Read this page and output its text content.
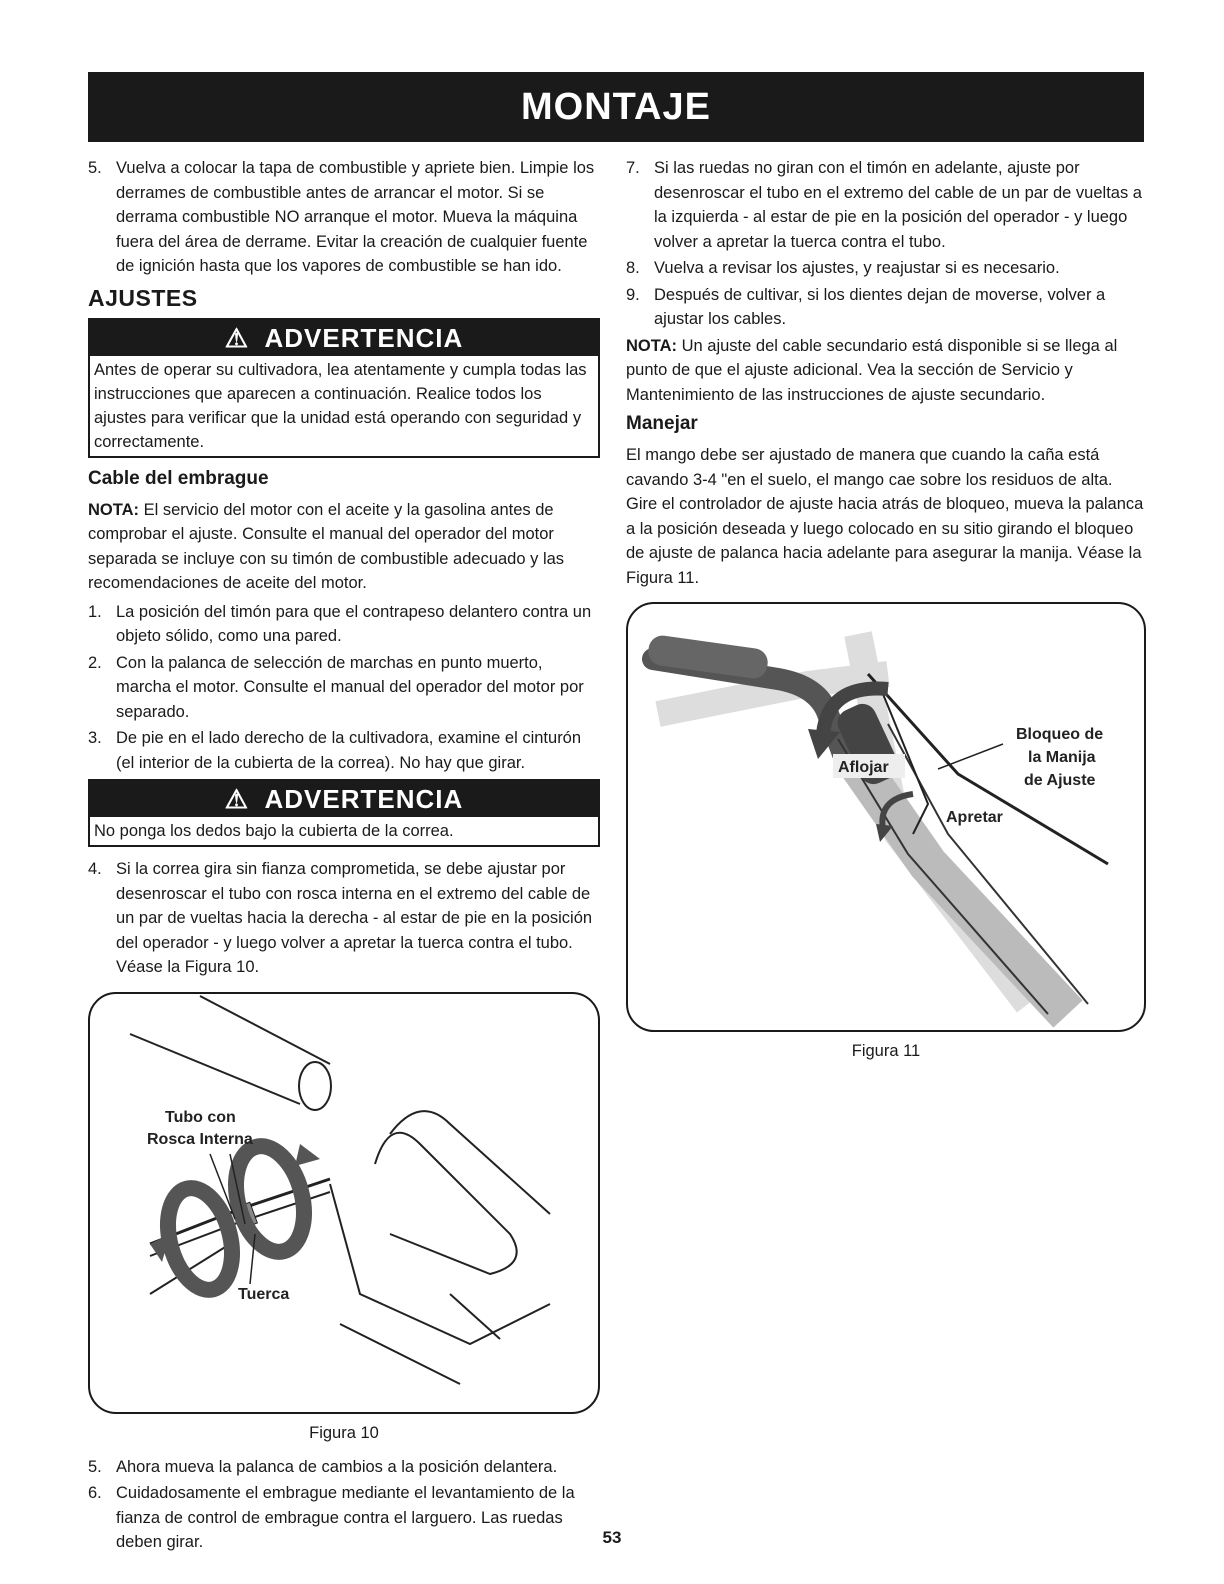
MONTAJE
5. Vuelva a colocar la tapa de combustible y apriete bien. Limpie los derrames de combustible antes de arrancar el motor. Si se derrama combustible NO arranque el motor. Mueva la máquina fuera del área de derrame. Evitar la creación de cualquier fuente de ignición hasta que los vapores de combustible se han ido.
AJUSTES
⚠ ADVERTENCIA
Antes de operar su cultivadora, lea atentamente y cumpla todas las instrucciones que aparecen a continuación. Realice todos los ajustes para verificar que la unidad está operando con seguridad y correctamente.
Cable del embrague

NOTA: El servicio del motor con el aceite y la gasolina antes de comprobar el ajuste. Consulte el manual del operador del motor separada se incluye con su timón de combustible adecuado y las recomendaciones de aceite del motor.

1. La posición del timón para que el contrapeso delantero contra un objeto sólido, como una pared.
2. Con la palanca de selección de marchas en punto muerto, marcha el motor. Consulte el manual del operador del motor por separado.
3. De pie en el lado derecho de la cultivadora, examine el cinturón (el interior de la cubierta de la correa). No hay que girar.
⚠ ADVERTENCIA
No ponga los dedos bajo la cubierta de la correa.
4. Si la correa gira sin fianza comprometida, se debe ajustar por desenroscar el tubo con rosca interna en el extremo del cable de un par de vueltas hacia la derecha - al estar de pie en la posición del operador - y luego volver a apretar la tuerca contra el tubo. Véase la Figura 10.
Tubo con
Rosca Interna
Tuerca
Figura 10
5. Ahora mueva la palanca de cambios a la posición delantera.
6. Cuidadosamente el embrague mediante el levantamiento de la fianza de control de embrague contra el larguero. Las ruedas deben girar.
7. Si las ruedas no giran con el timón en adelante, ajuste por desenroscar el tubo en el extremo del cable de un par de vueltas a la izquierda - al estar de pie en la posición del operador - y luego volver a apretar la tuerca contra el tubo.
8. Vuelva a revisar los ajustes, y reajustar si es necesario.
9. Después de cultivar, si los dientes dejan de moverse, volver a ajustar los cables.

NOTA: Un ajuste del cable secundario está disponible si se llega al punto de que el ajuste adicional. Vea la sección de Servicio y Mantenimiento de las instrucciones de ajuste secundario.

Manejar

El mango debe ser ajustado de manera que cuando la caña está cavando 3-4 "en el suelo, el mango cae sobre los residuos de alta. Gire el controlador de ajuste hacia atrás de bloqueo, mueva la palanca a la posición deseada y luego colocado en su sitio girando el bloqueo de ajuste de palanca hacia adelante para asegurar la manija. Véase la Figura 11.

Bloqueo de
la Manija
de Ajuste
Aflojar
Apretar
Figura 11
53
